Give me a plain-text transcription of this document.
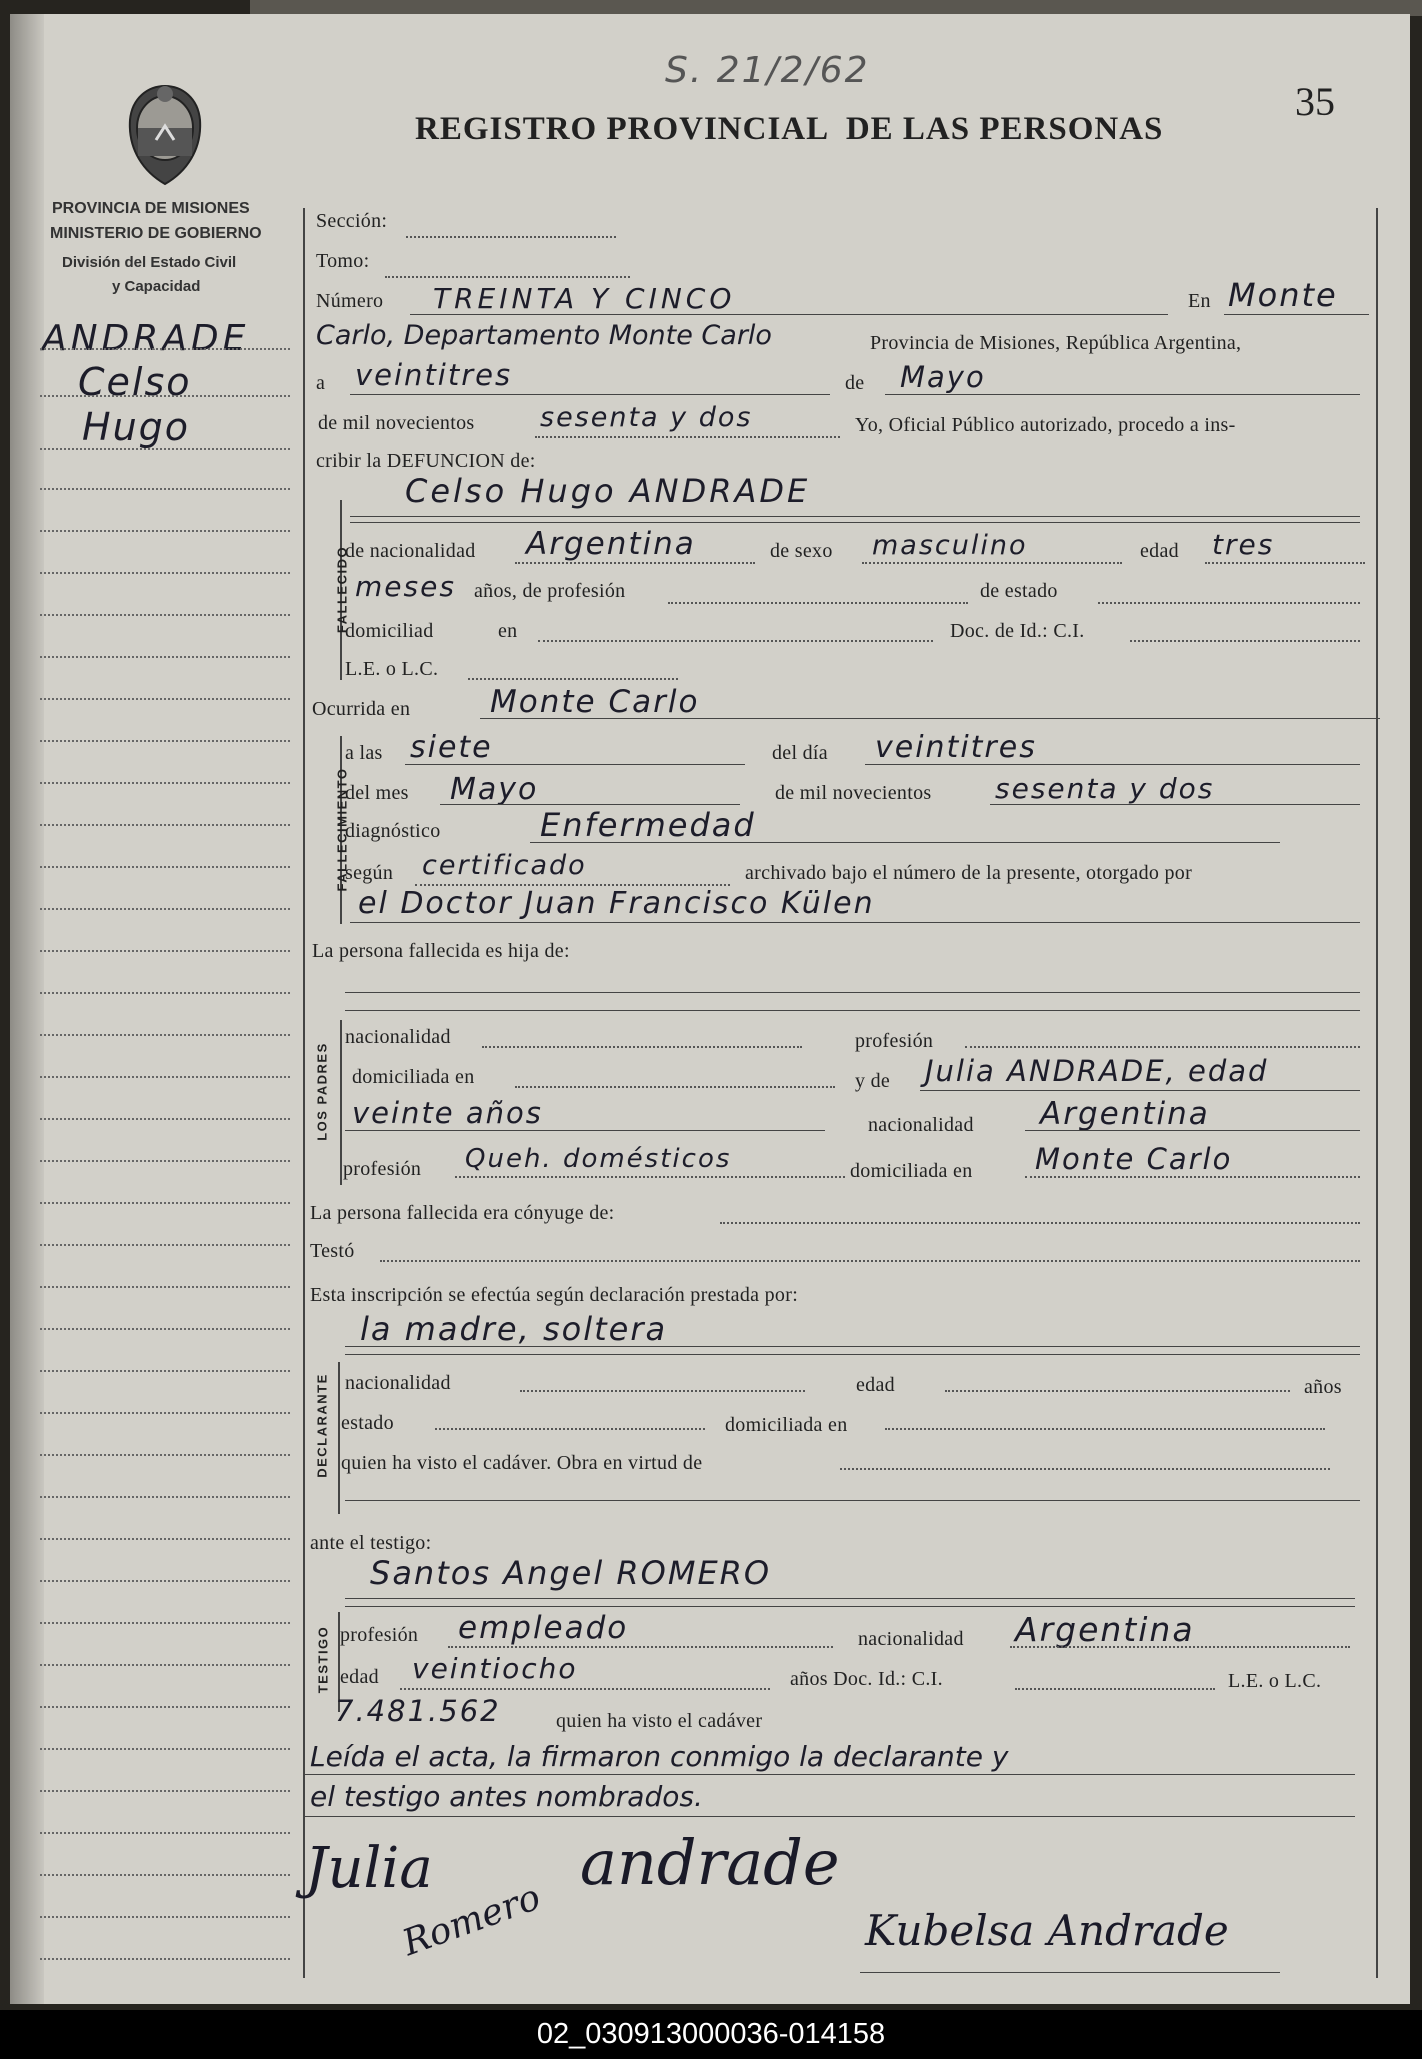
S. 21/2/62
35
REGISTRO PROVINCIAL  DE LAS PERSONAS
PROVINCIA DE MISIONES
MINISTERIO DE GOBIERNO
División del Estado Civil
y Capacidad
ANDRADE
Celso
Hugo
Sección:
Tomo:
Número TREINTA Y CINCO	En Monte
Carlo, Departamento Monte Carlo	Provincia de Misiones, República Argentina,
a veintitres	de Mayo
de mil novecientos sesenta y dos	Yo, Oficial Público autorizado, procedo a ins-
cribir la DEFUNCION de:
FALLECIDO
Celso Hugo ANDRADE
de nacionalidad Argentina	de sexo masculino	edad tres
meses años, de profesión	de estado
domiciliad	en	Doc. de Id.: C.I.
L.E. o L.C.
Ocurrida en	Monte Carlo
FALLECIMIENTO
a las siete	del día veintitres
del mes Mayo	de mil novecientos sesenta y dos
diagnóstico	Enfermedad
según certificado	archivado bajo el número de la presente, otorgado por
el Doctor Juan Francisco Külen
La persona fallecida es hija de:
LOS PADRES
nacionalidad	profesión
domiciliada en	y de Julia ANDRADE, edad
veinte años	nacionalidad Argentina
profesión Queh. domésticos	domiciliada en Monte Carlo
La persona fallecida era cónyuge de:
Testó
Esta inscripción se efectúa según declaración prestada por:
la madre, soltera
DECLARANTE nacionalidad	edad	años
estado	domiciliada en
quien ha visto el cadáver. Obra en virtud de
ante el testigo:
Santos Angel ROMERO
TESTIGO profesión empleado	nacionalidad Argentina
edad veintiocho	años Doc. Id.: C.I.	L.E. o L.C.
7.481.562	quien ha visto el cadáver
Leída el acta, la firmaron conmigo la declarante y
el testigo antes nombrados.
Julia andrade
Romero	Kubelsa Andrade
02_030913000036-014158
